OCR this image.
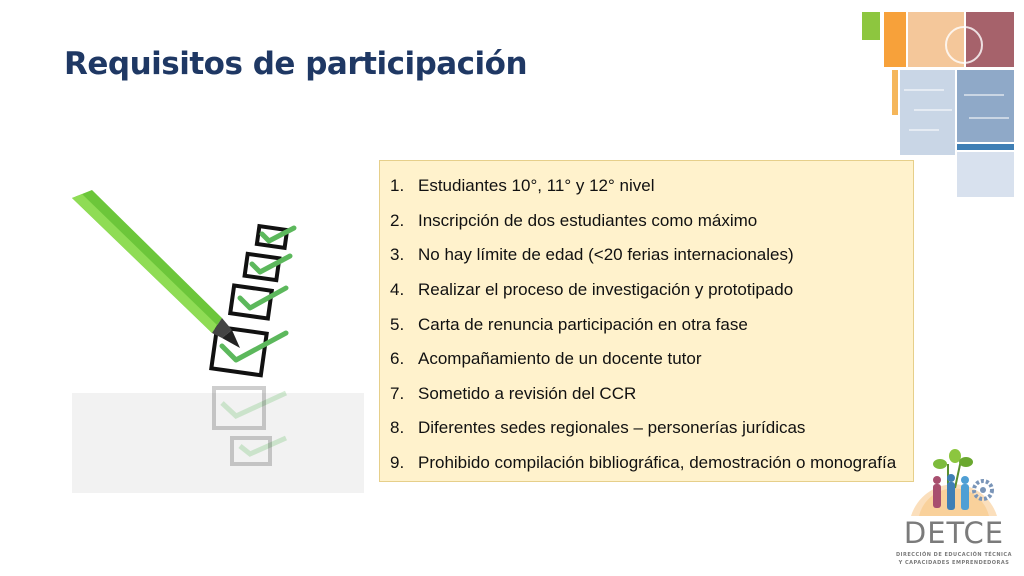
Requisitos de participación
1. Estudiantes 10°, 11° y 12° nivel
2. Inscripción de dos estudiantes como máximo
3. No hay límite de edad (<20 ferias internacionales)
4. Realizar el proceso de investigación y prototipado
5. Carta de renuncia participación en otra fase
6. Acompañamiento de un docente tutor
7. Sometido a revisión del CCR
8. Diferentes sedes regionales – personerías jurídicas
9. Prohibido compilación bibliográfica, demostración o monografía
DETCE
DIRECCIÓN DE EDUCACIÓN TÉCNICA
Y CAPACIDADES EMPRENDEDORAS
